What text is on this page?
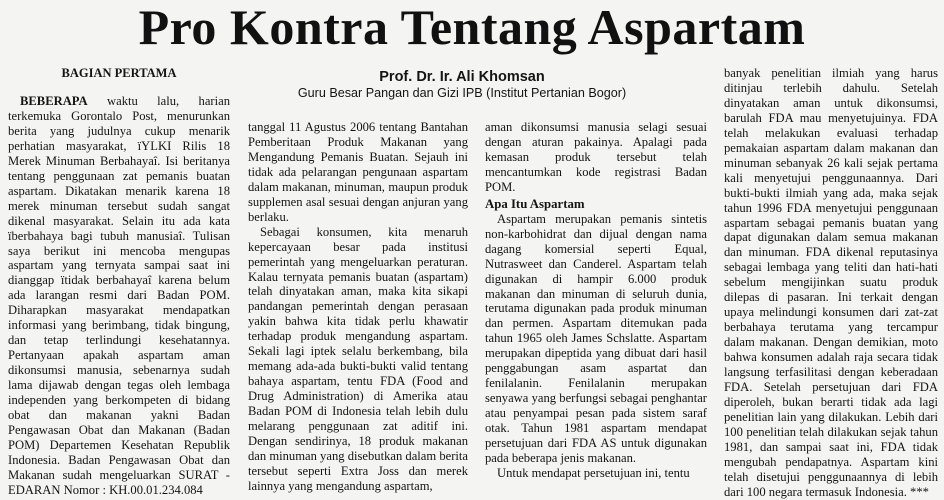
Pro Kontra Tentang Aspartam
BAGIAN PERTAMA

BEBERAPA waktu lalu, harian terkemuka Gorontalo Post, menurunkan berita yang judulnya cukup menarik perhatian masyarakat, ïYLKI Rilis 18 Merek Minuman Berbahayaî. Isi beritanya tentang penggunaan zat pemanis buatan aspartam. Dikatakan menarik karena 18 merek minuman tersebut sudah sangat dikenal masyarakat. Selain itu ada kata ïberbahaya bagi tubuh manusiaî. Tulisan saya berikut ini mencoba mengupas aspartam yang ternyata sampai saat ini dianggap ïtidak berbahayaî karena belum ada larangan resmi dari Badan POM. Diharapkan masyarakat mendapatkan informasi yang berimbang, tidak bingung, dan tetap terlindungi kesehatannya. Pertanyaan apakah aspartam aman dikonsumsi manusia, sebenarnya sudah lama dijawab dengan tegas oleh lembaga independen yang berkompeten di bidang obat dan makanan yakni Badan Pengawasan Obat dan Makanan (Badan POM) Departemen Kesehatan Republik Indonesia. Badan Pengawasan Obat dan Makanan sudah mengeluarkan SURAT - EDARAN Nomor : KH.00.01.234.084

Prof. Dr. Ir. Ali Khomsan
Guru Besar Pangan dan Gizi IPB (Institut Pertanian Bogor)

tanggal 11 Agustus 2006 tentang Bantahan Pemberitaan Produk Makanan yang Mengandung Pemanis Buatan. Sejauh ini tidak ada pelarangan pengunaan aspartam dalam makanan, minuman, maupun produk supplemen asal sesuai dengan anjuran yang berlaku.

Sebagai konsumen, kita menaruh kepercayaan besar pada institusi pemerintah yang mengeluarkan peraturan. Kalau ternyata pemanis buatan (aspartam) telah dinyatakan aman, maka kita sikapi pandangan pemerintah dengan perasaan yakin bahwa kita tidak perlu khawatir terhadap produk mengandung aspartam. Sekali lagi iptek selalu berkembang, bila memang ada-ada bukti-bukti valid tentang bahaya aspartam, tentu FDA (Food and Drug Administration) di Amerika atau Badan POM di Indonesia telah lebih dulu melarang penggunaan zat aditif ini. Dengan sendirinya, 18 produk makanan dan minuman yang disebutkan dalam berita tersebut seperti Extra Joss dan merek lainnya yang mengandung aspartam,

aman dikonsumsi manusia selagi sesuai dengan aturan pakainya. Apalagi pada kemasan produk tersebut telah mencantumkan kode registrasi Badan POM.

Apa Itu Aspartam

Aspartam merupakan pemanis sintetis non-karbohidrat dan dijual dengan nama dagang komersial seperti Equal, Nutrasweet dan Canderel. Aspartam telah digunakan di hampir 6.000 produk makanan dan minuman di seluruh dunia, terutama digunakan pada produk minuman dan permen. Aspartam ditemukan pada tahun 1965 oleh James Schslatte. Aspartam merupakan dipeptida yang dibuat dari hasil penggabungan asam aspartat dan fenilalanin. Fenilalanin merupakan senyawa yang berfungsi sebagai penghantar atau penyampai pesan pada sistem saraf otak. Tahun 1981 aspartam mendapat persetujuan dari FDA AS untuk digunakan pada beberapa jenis makanan.

Untuk mendapat persetujuan ini, tentu

banyak penelitian ilmiah yang harus ditinjau terlebih dahulu. Setelah dinyatakan aman untuk dikonsumsi, barulah FDA mau menyetujuinya. FDA telah melakukan evaluasi terhadap pemakaian aspartam dalam makanan dan minuman sebanyak 26 kali sejak pertama kali menyetujui penggunaannya. Dari bukti-bukti ilmiah yang ada, maka sejak tahun 1996 FDA menyetujui penggunaan aspartam sebagai pemanis buatan yang dapat digunakan dalam semua makanan dan minuman. FDA dikenal reputasinya sebagai lembaga yang teliti dan hati-hati sebelum mengijinkan suatu produk dilepas di pasaran. Ini terkait dengan upaya melindungi konsumen dari zat-zat berbahaya terutama yang tercampur dalam makanan. Dengan demikian, moto bahwa konsumen adalah raja secara tidak langsung terfasilitasi dengan keberadaan FDA. Setelah persetujuan dari FDA diperoleh, bukan berarti tidak ada lagi penelitian lain yang dilakukan. Lebih dari 100 penelitian telah dilakukan sejak tahun 1981, dan sampai saat ini, FDA tidak mengubah pendapatnya. Aspartam kini telah disetujui penggunaannya di lebih dari 100 negara termasuk Indonesia. ***
